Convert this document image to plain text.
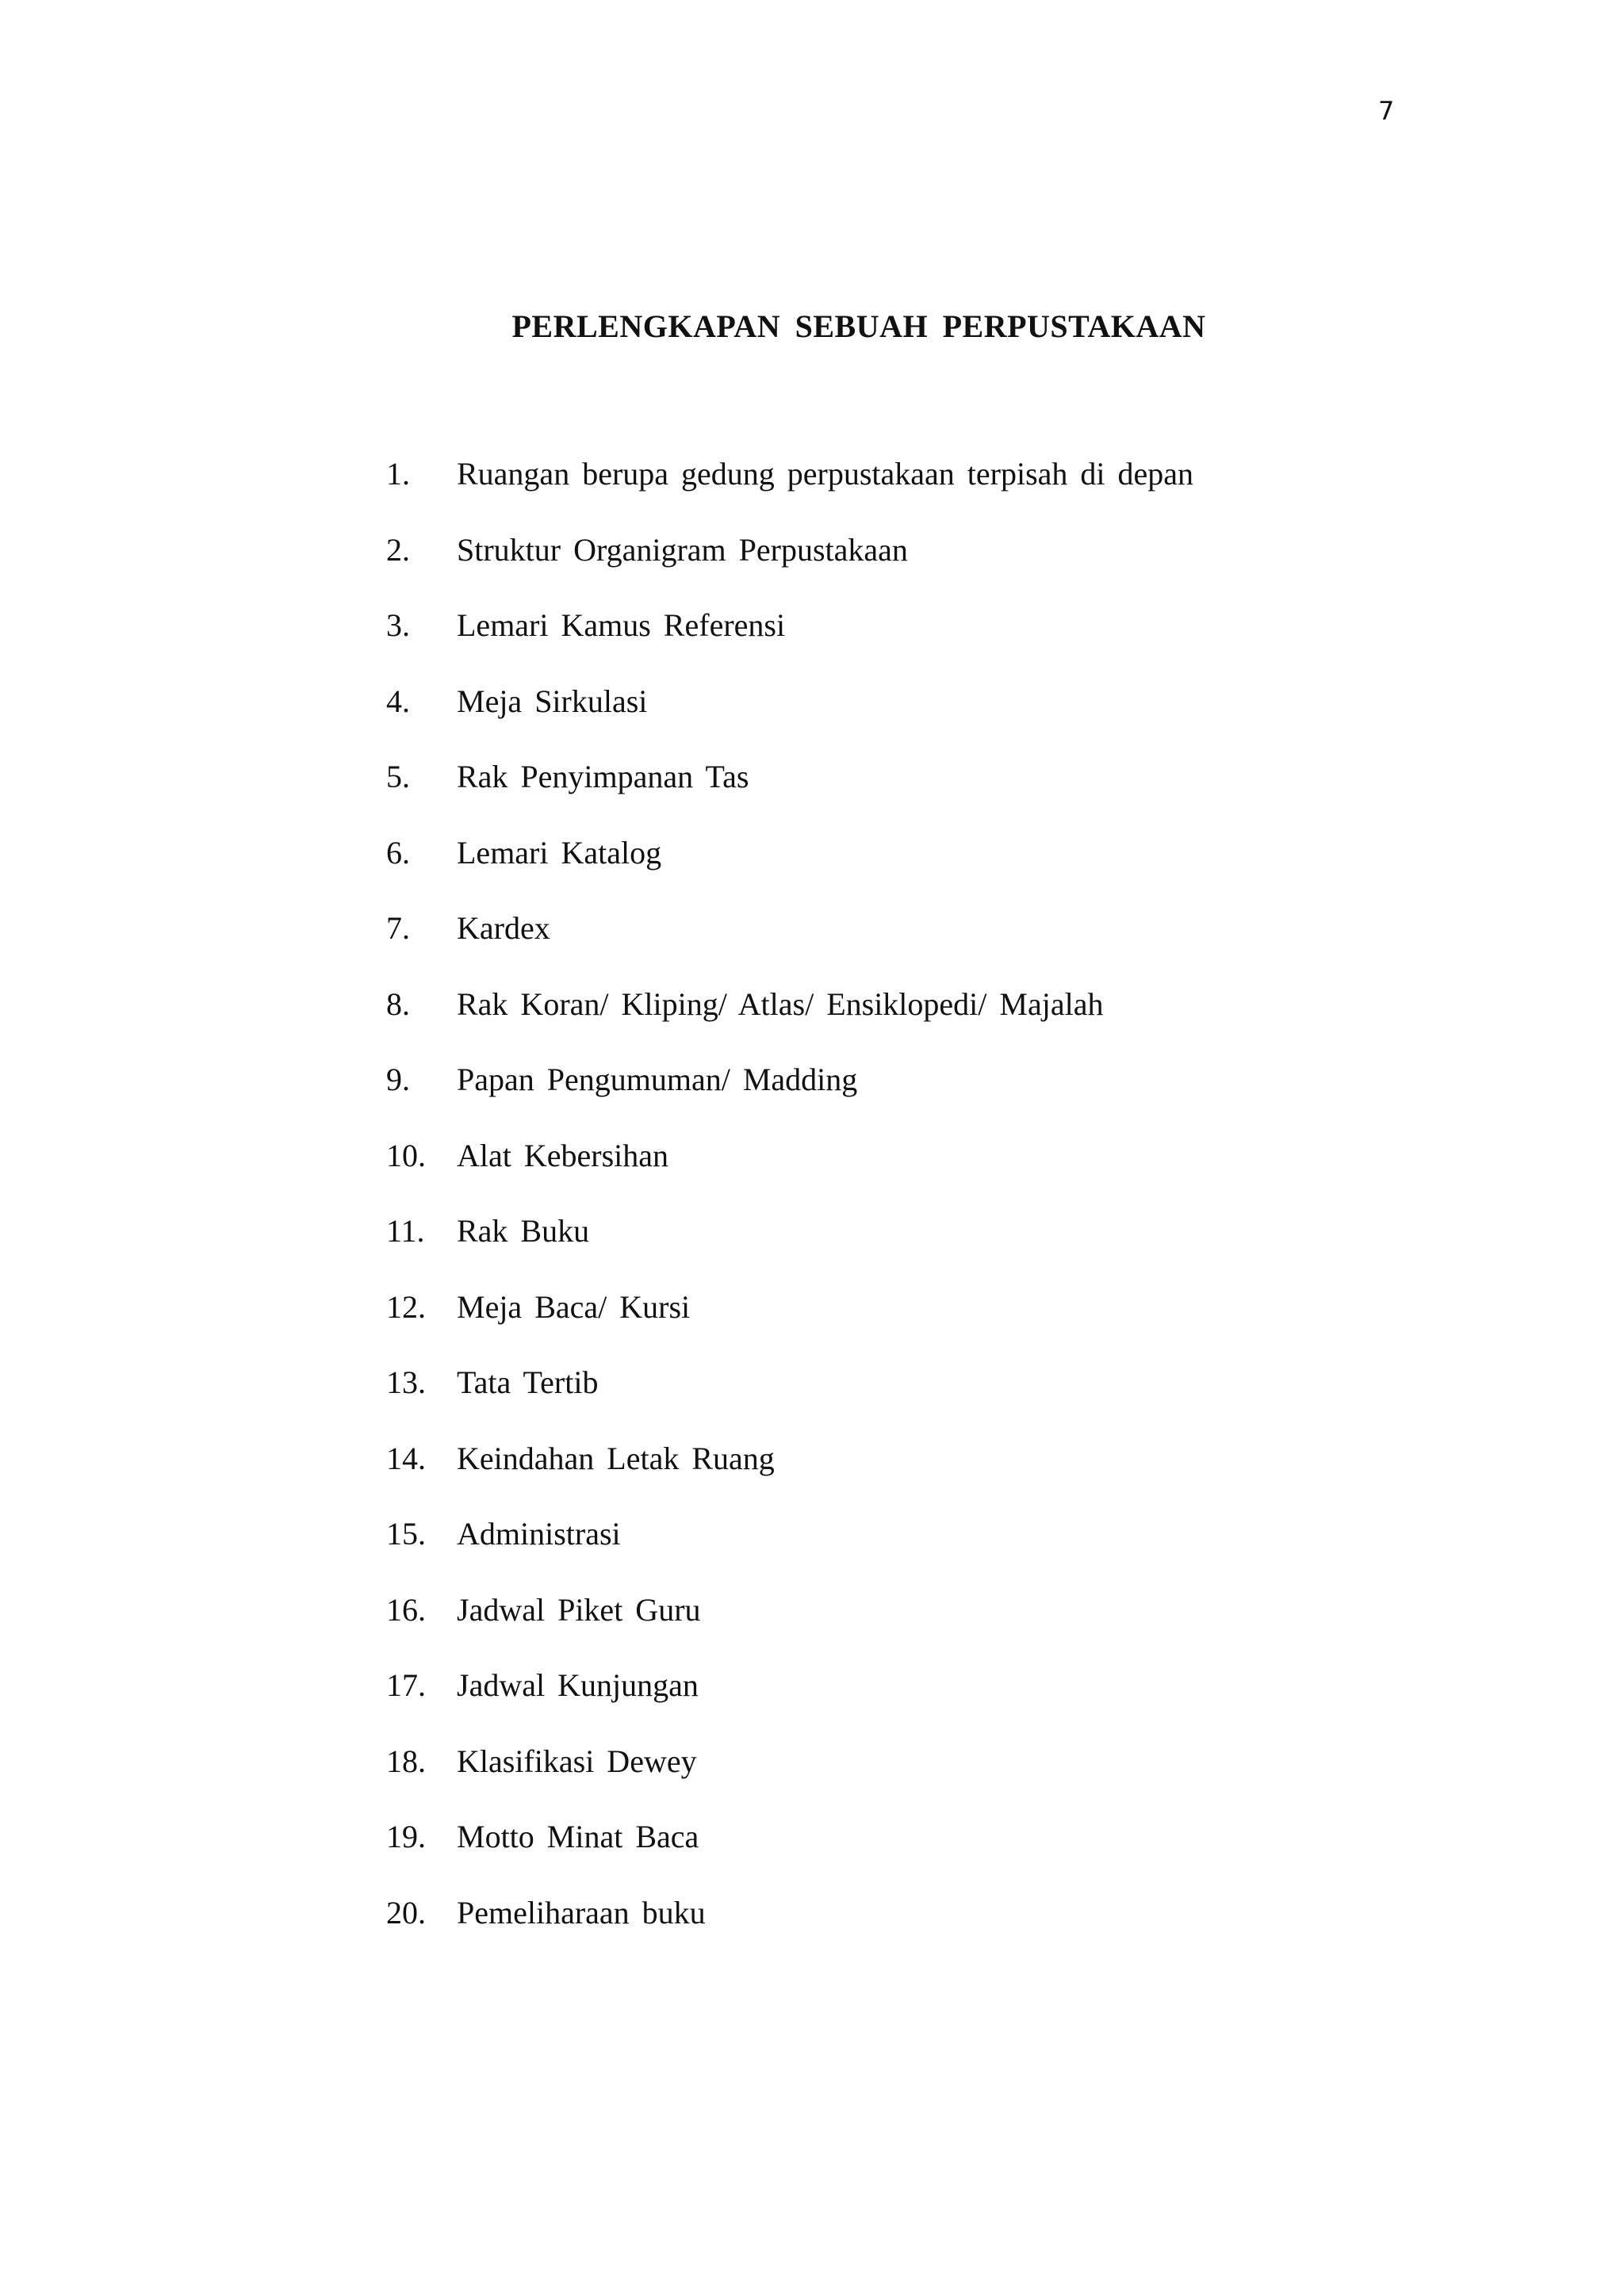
7
PERLENGKAPAN SEBUAH PERPUSTAKAAN
1.	Ruangan berupa gedung perpustakaan terpisah di depan
2.	Struktur Organigram Perpustakaan
3.	Lemari Kamus Referensi
4.	Meja Sirkulasi
5.	Rak Penyimpanan Tas
6.	Lemari Katalog
7.	Kardex
8.	Rak Koran/ Kliping/ Atlas/ Ensiklopedi/ Majalah
9.	Papan Pengumuman/ Madding
10. Alat Kebersihan
11.	Rak Buku
12. Meja Baca/ Kursi
13. Tata Tertib
14. Keindahan Letak Ruang
15. Administrasi
16. Jadwal Piket Guru
17. Jadwal Kunjungan
18. Klasifikasi Dewey
19. Motto Minat Baca
20. Pemeliharaan buku
